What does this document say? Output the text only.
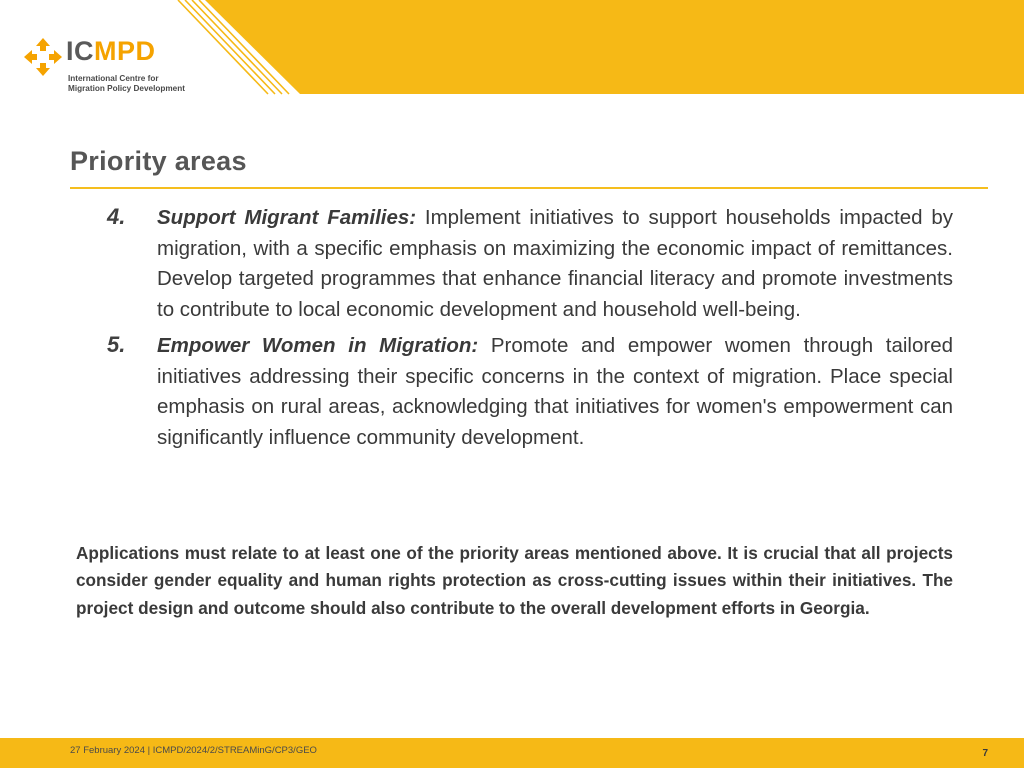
ICMPD
International Centre for
Migration Policy Development
Priority areas
4. Support Migrant Families: Implement initiatives to support households impacted by migration, with a specific emphasis on maximizing the economic impact of remittances. Develop targeted programmes that enhance financial literacy and promote investments to contribute to local economic development and household well-being.
5. Empower Women in Migration: Promote and empower women through tailored initiatives addressing their specific concerns in the context of migration. Place special emphasis on rural areas, acknowledging that initiatives for women's empowerment can significantly influence community development.

Applications must relate to at least one of the priority areas mentioned above. It is crucial that all projects consider gender equality and human rights protection as cross-cutting issues within their initiatives. The project design and outcome should also contribute to the overall development efforts in Georgia.

27 February 2024 | ICMPD/2024/2/STREAMinG/CP3/GEO	7
